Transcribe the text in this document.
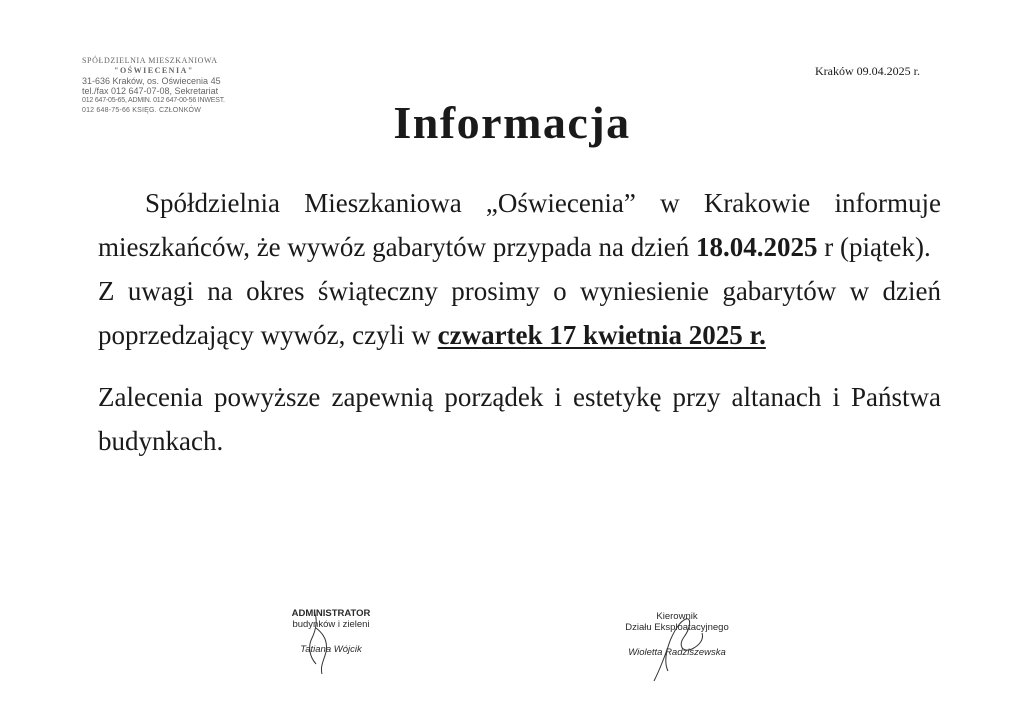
SPÓŁDZIELNIA MIESZKANIOWA
"OŚWIECENIA"
31-636 Kraków, os. Oświecenia 45
tel./fax 012 647-07-08, Sekretariat
012 647-05-65, ADMIN. 012 647-00-56 INWEST.
012 648-75-66 KSIĘG. CZŁONKÓW
Kraków 09.04.2025 r.
Informacja

Spółdzielnia Mieszkaniowa „Oświecenia” w Krakowie informuje mieszkańców, że wywóz gabarytów przypada na dzień 18.04.2025 r (piątek).

Z uwagi na okres świąteczny prosimy o wyniesienie gabarytów w dzień poprzedzający wywóz, czyli w czwartek 17 kwietnia 2025 r.

Zalecenia powyższe zapewnią porządek i estetykę przy altanach i Państwa budynkach.

ADMINISTRATOR
budynków i zieleni
Tatiana Wójcik
Kierownik
Działu Eksploatacyjnego
Wioletta Radziszewska
